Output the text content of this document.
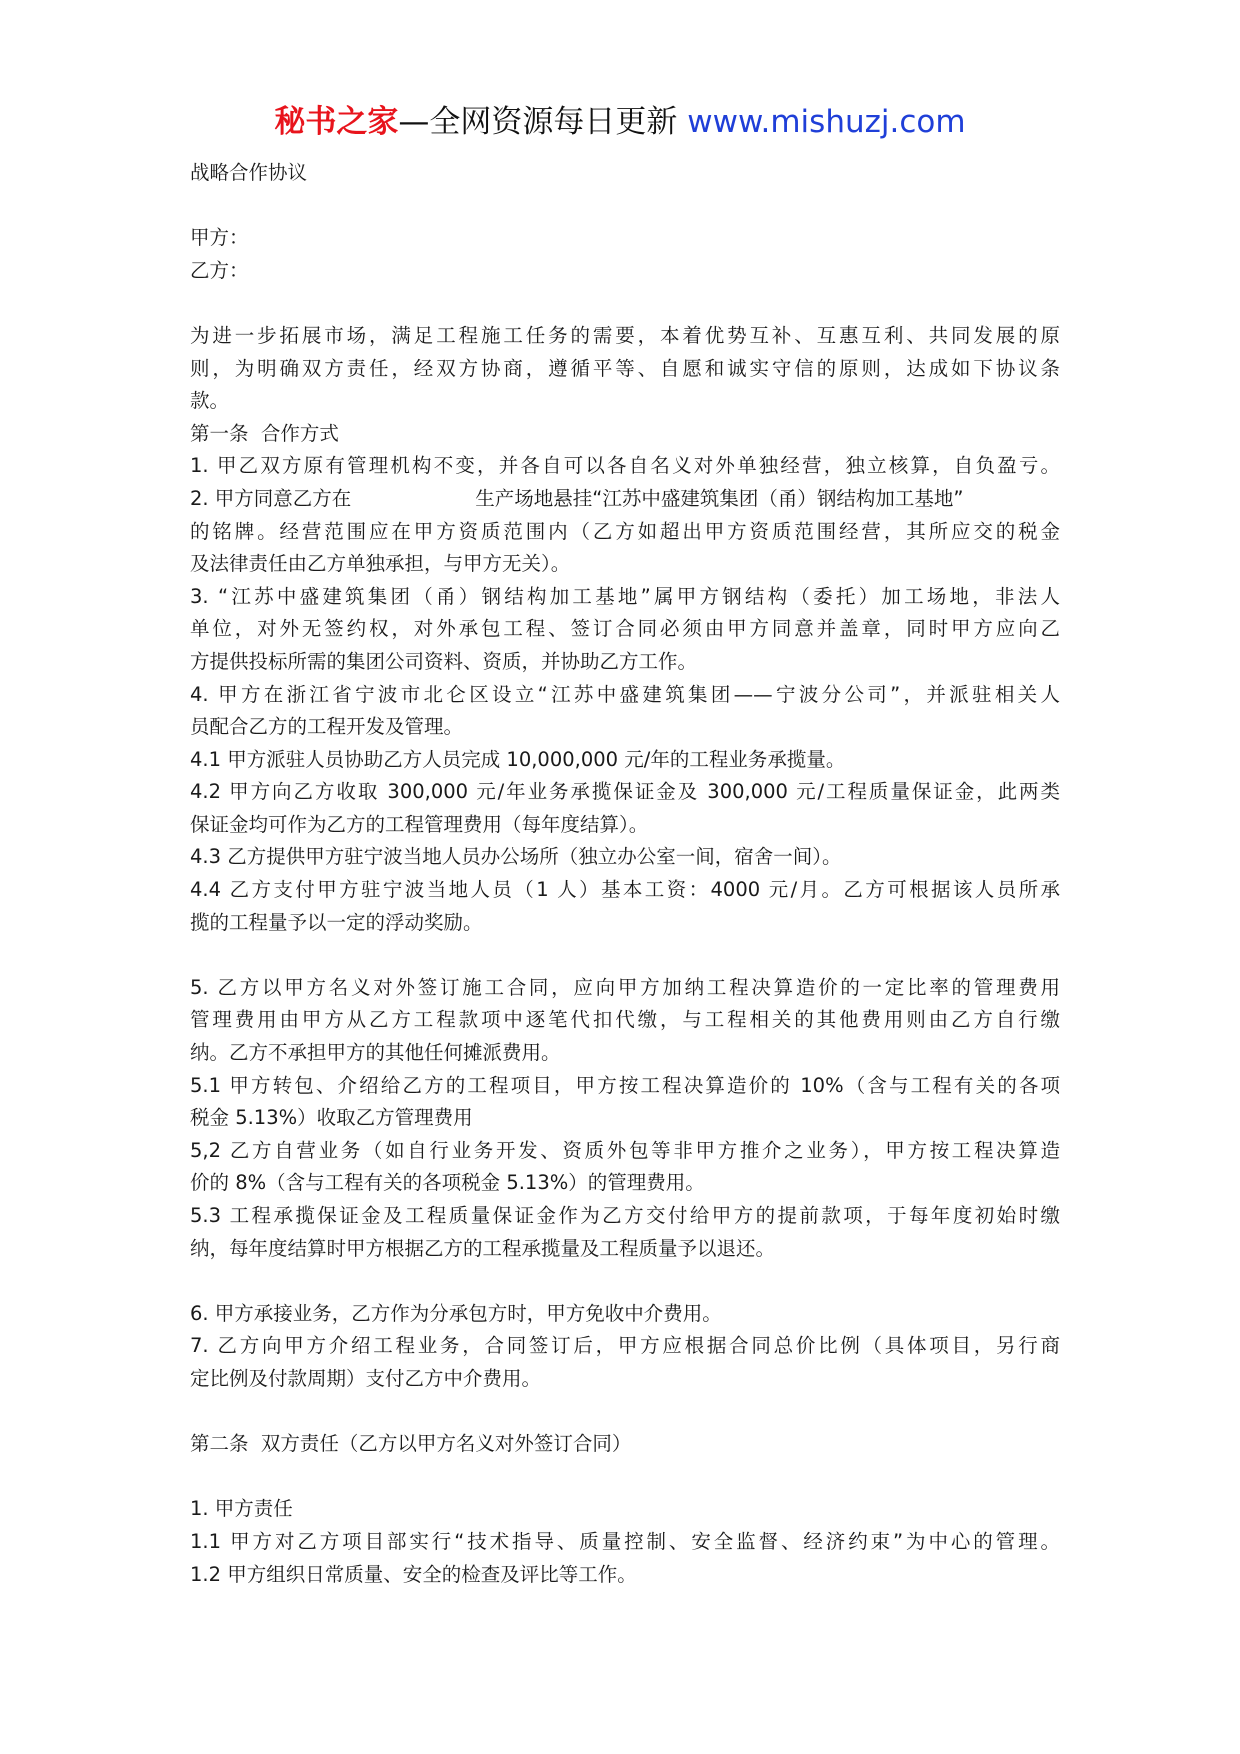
秘书之家—全网资源每日更新 www.mishuzj.com
战略合作协议
甲方：
乙方：
为进一步拓展市场，满足工程施工任务的需要，本着优势互补、互惠互利、共同发展的原
则，为明确双方责任，经双方协商，遵循平等、自愿和诚实守信的原则，达成如下协议条
款。
第一条  合作方式
1. 甲乙双方原有管理机构不变，并各自可以各自名义对外单独经营，独立核算，自负盈亏。
2. 甲方同意乙方在                    生产场地悬挂“江苏中盛建筑集团（甬）钢结构加工基地”
的铭牌。经营范围应在甲方资质范围内（乙方如超出甲方资质范围经营，其所应交的税金
及法律责任由乙方单独承担，与甲方无关）。
3. “江苏中盛建筑集团（甬）钢结构加工基地”属甲方钢结构（委托）加工场地，非法人
单位，对外无签约权，对外承包工程、签订合同必须由甲方同意并盖章，同时甲方应向乙
方提供投标所需的集团公司资料、资质，并协助乙方工作。
4. 甲方在浙江省宁波市北仑区设立“江苏中盛建筑集团——宁波分公司”，并派驻相关人
员配合乙方的工程开发及管理。
4.1 甲方派驻人员协助乙方人员完成 10,000,000 元/年的工程业务承揽量。
4.2 甲方向乙方收取 300,000 元/年业务承揽保证金及 300,000 元/工程质量保证金，此两类
保证金均可作为乙方的工程管理费用（每年度结算）。
4.3 乙方提供甲方驻宁波当地人员办公场所（独立办公室一间，宿舍一间）。
4.4 乙方支付甲方驻宁波当地人员（1 人）基本工资：4000 元/月。乙方可根据该人员所承
揽的工程量予以一定的浮动奖励。
5. 乙方以甲方名义对外签订施工合同，应向甲方加纳工程决算造价的一定比率的管理费用
管理费用由甲方从乙方工程款项中逐笔代扣代缴，与工程相关的其他费用则由乙方自行缴
纳。乙方不承担甲方的其他任何摊派费用。
5.1 甲方转包、介绍给乙方的工程项目，甲方按工程决算造价的 10%（含与工程有关的各项
税金 5.13%）收取乙方管理费用
5,2 乙方自营业务（如自行业务开发、资质外包等非甲方推介之业务），甲方按工程决算造
价的 8%（含与工程有关的各项税金 5.13%）的管理费用。
5.3 工程承揽保证金及工程质量保证金作为乙方交付给甲方的提前款项，于每年度初始时缴
纳，每年度结算时甲方根据乙方的工程承揽量及工程质量予以退还。
6. 甲方承接业务，乙方作为分承包方时，甲方免收中介费用。
7. 乙方向甲方介绍工程业务，合同签订后，甲方应根据合同总价比例（具体项目，另行商
定比例及付款周期）支付乙方中介费用。
第二条  双方责任（乙方以甲方名义对外签订合同）
1. 甲方责任
1.1 甲方对乙方项目部实行“技术指导、质量控制、安全监督、经济约束”为中心的管理。
1.2 甲方组织日常质量、安全的检查及评比等工作。
